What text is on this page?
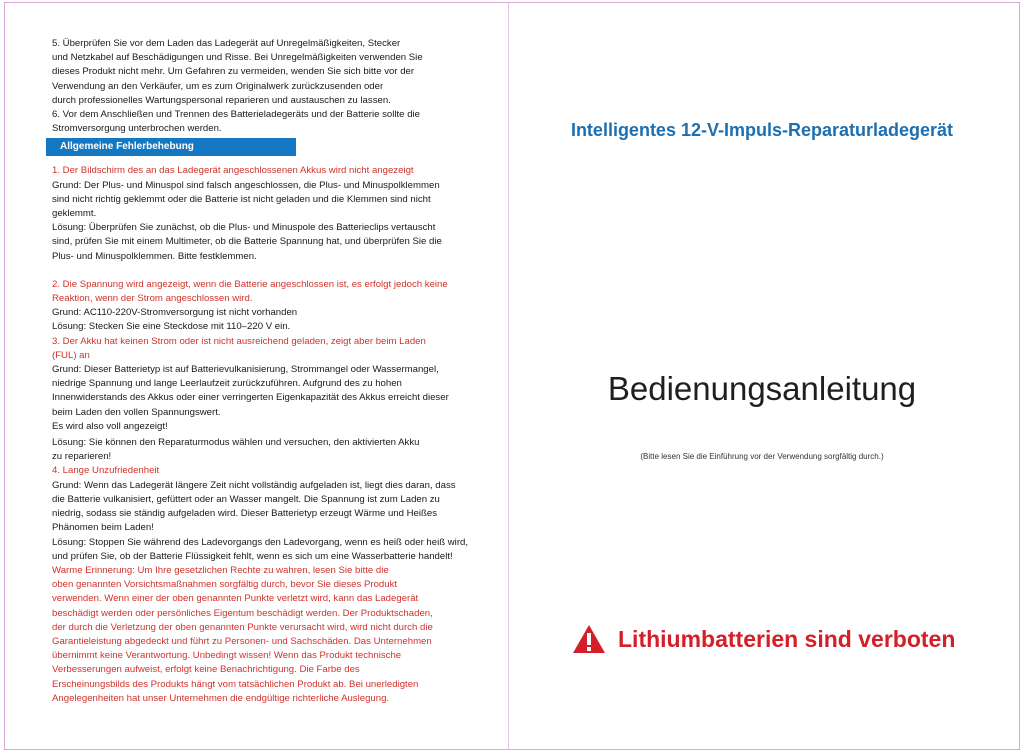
5. Überprüfen Sie vor dem Laden das Ladegerät auf Unregelmäßigkeiten, Stecker

und Netzkabel auf Beschädigungen und Risse. Bei Unregelmäßigkeiten verwenden Sie

dieses Produkt nicht mehr. Um Gefahren zu vermeiden, wenden Sie sich bitte vor der

Verwendung an den Verkäufer, um es zum Originalwerk zurückzusenden oder

durch professionelles Wartungspersonal reparieren und austauschen zu lassen.

6. Vor dem Anschließen und Trennen des Batterieladegeräts und der Batterie sollte die

Stromversorgung unterbrochen werden.

Allgemeine Fehlerbehebung

1. Der Bildschirm des an das Ladegerät angeschlossenen Akkus wird nicht angezeigt

Grund: Der Plus- und Minuspol sind falsch angeschlossen, die Plus- und Minuspolklemmen

sind nicht richtig geklemmt oder die Batterie ist nicht geladen und die Klemmen sind nicht

geklemmt.

Lösung: Überprüfen Sie zunächst, ob die Plus- und Minuspole des Batterieclips vertauscht

sind, prüfen Sie mit einem Multimeter, ob die Batterie Spannung hat, und überprüfen Sie die

Plus- und Minuspolklemmen. Bitte festklemmen.

2. Die Spannung wird angezeigt, wenn die Batterie angeschlossen ist, es erfolgt jedoch keine

Reaktion, wenn der Strom angeschlossen wird.

Grund: AC110-220V-Stromversorgung ist nicht vorhanden

Lösung: Stecken Sie eine Steckdose mit 110–220 V ein.

3. Der Akku hat keinen Strom oder ist nicht ausreichend geladen, zeigt aber beim Laden

(FUL) an

Grund: Dieser Batterietyp ist auf Batterievulkanisierung, Strommangel oder Wassermangel,

niedrige Spannung und lange Leerlaufzeit zurückzuführen. Aufgrund des zu hohen

Innenwiderstands des Akkus oder einer verringerten Eigenkapazität des Akkus erreicht dieser

beim Laden den vollen Spannungswert.

Es wird also voll angezeigt!

Lösung: Sie können den Reparaturmodus wählen und versuchen, den aktivierten Akku

zu reparieren!

4. Lange Unzufriedenheit

Grund: Wenn das Ladegerät längere Zeit nicht vollständig aufgeladen ist, liegt dies daran, dass

die Batterie vulkanisiert, gefüttert oder an Wasser mangelt. Die Spannung ist zum Laden zu

niedrig, sodass sie ständig aufgeladen wird. Dieser Batterietyp erzeugt Wärme und Heißes

Phänomen beim Laden!

Lösung: Stoppen Sie während des Ladevorgangs den Ladevorgang, wenn es heiß oder heiß wird,

und prüfen Sie, ob der Batterie Flüssigkeit fehlt, wenn es sich um eine Wasserbatterie handelt!

Warme Erinnerung: Um Ihre gesetzlichen Rechte zu wahren, lesen Sie bitte die

oben genannten Vorsichtsmaßnahmen sorgfältig durch, bevor Sie dieses Produkt

verwenden. Wenn einer der oben genannten Punkte verletzt wird, kann das Ladegerät

beschädigt werden oder persönliches Eigentum beschädigt werden. Der Produktschaden,

der durch die Verletzung der oben genannten Punkte verursacht wird, wird nicht durch die

Garantieleistung abgedeckt und führt zu Personen- und Sachschäden. Das Unternehmen

übernimmt keine Verantwortung. Unbedingt wissen! Wenn das Produkt technische

Verbesserungen aufweist, erfolgt keine Benachrichtigung. Die Farbe des

Erscheinungsbilds des Produkts hängt vom tatsächlichen Produkt ab. Bei unerledigten

Angelegenheiten hat unser Unternehmen die endgültige richterliche Auslegung.

Intelligentes 12-V-Impuls-Reparaturladegerät
Bedienungsanleitung
(Bitte lesen Sie die Einführung vor der Verwendung sorgfältig durch.)
Lithiumbatterien sind verboten
